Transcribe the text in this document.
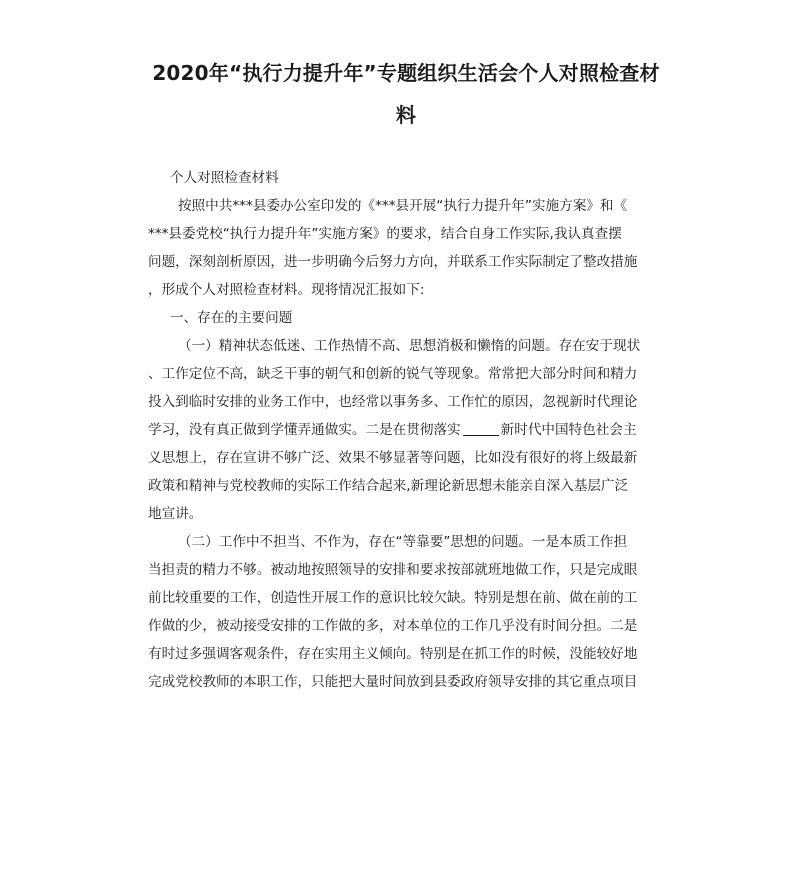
2020年“执行力提升年”专题组织生活会个人对照检查材
料

个人对照检查材料

按照中共***县委办公室印发的《***县开展“执行力提升年”实施方案》和《
***县委党校“执行力提升年”实施方案》的要求，结合自身工作实际,我认真查摆
问题，深刻剖析原因，进一步明确今后努力方向，并联系工作实际制定了整改措施
，形成个人对照检查材料。现将情况汇报如下:

一、存在的主要问题

（一）精神状态低迷、工作热情不高、思想消极和懒惰的问题。存在安于现状
、工作定位不高，缺乏干事的朝气和创新的锐气等现象。常常把大部分时间和精力
投入到临时安排的业务工作中，也经常以事务多、工作忙的原因，忽视新时代理论
学习，没有真正做到学懂弄通做实。二是在贯彻落实	新时代中国特色社会主
义思想上，存在宣讲不够广泛、效果不够显著等问题，比如没有很好的将上级最新
政策和精神与党校教师的实际工作结合起来,新理论新思想未能亲自深入基层广泛
地宣讲。
（二）工作中不担当、不作为，存在“等靠要”思想的问题。一是本质工作担
当担责的精力不够。被动地按照领导的安排和要求按部就班地做工作，只是完成眼
前比较重要的工作，创造性开展工作的意识比较欠缺。特别是想在前、做在前的工
作做的少，被动接受安排的工作做的多，对本单位的工作几乎没有时间分担。二是
有时过多强调客观条件，存在实用主义倾向。特别是在抓工作的时候，没能较好地
完成党校教师的本职工作，只能把大量时间放到县委政府领导安排的其它重点项目
